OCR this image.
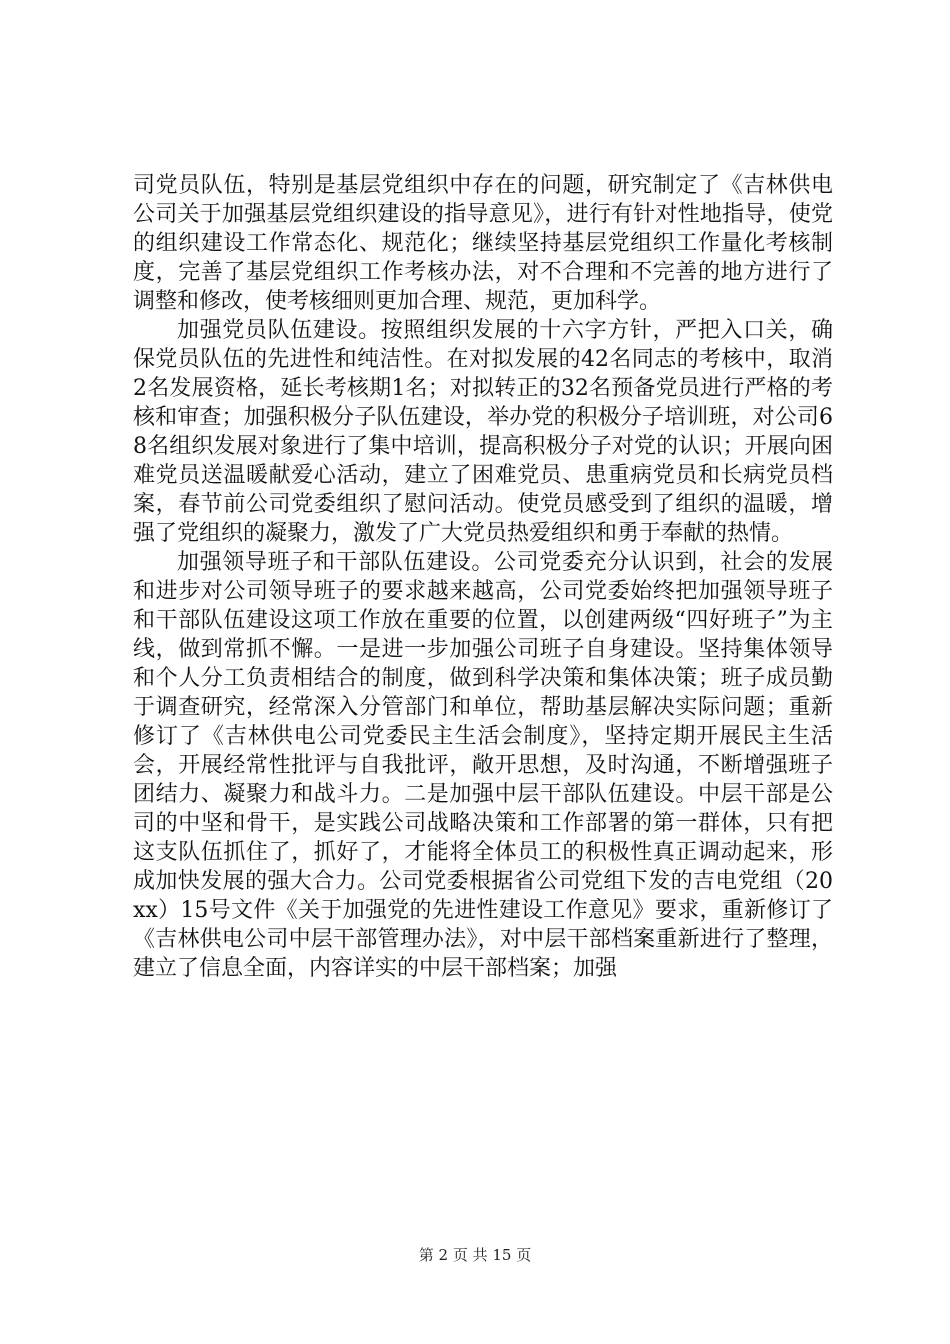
司党员队伍，特别是基层党组织中存在的问题，研究制定了《吉林供电公司关于加强基层党组织建设的指导意见》，进行有针对性地指导，使党的组织建设工作常态化、规范化；继续坚持基层党组织工作量化考核制度，完善了基层党组织工作考核办法，对不合理和不完善的地方进行了调整和修改，使考核细则更加合理、规范，更加科学。

加强党员队伍建设。按照组织发展的十六字方针，严把入口关，确保党员队伍的先进性和纯洁性。在对拟发展的42名同志的考核中，取消2名发展资格，延长考核期1名；对拟转正的32名预备党员进行严格的考核和审查；加强积极分子队伍建设，举办党的积极分子培训班，对公司68名组织发展对象进行了集中培训，提高积极分子对党的认识；开展向困难党员送温暖献爱心活动，建立了困难党员、患重病党员和长病党员档案，春节前公司党委组织了慰问活动。使党员感受到了组织的温暖，增强了党组织的凝聚力，激发了广大党员热爱组织和勇于奉献的热情。

加强领导班子和干部队伍建设。公司党委充分认识到，社会的发展和进步对公司领导班子的要求越来越高，公司党委始终把加强领导班子和干部队伍建设这项工作放在重要的位置，以创建两级“四好班子”为主线，做到常抓不懈。一是进一步加强公司班子自身建设。坚持集体领导和个人分工负责相结合的制度，做到科学决策和集体决策；班子成员勤于调查研究，经常深入分管部门和单位，帮助基层解决实际问题；重新修订了《吉林供电公司党委民主生活会制度》，坚持定期开展民主生活会，开展经常性批评与自我批评，敞开思想，及时沟通，不断增强班子团结力、凝聚力和战斗力。二是加强中层干部队伍建设。中层干部是公司的中坚和骨干，是实践公司战略决策和工作部署的第一群体，只有把这支队伍抓住了，抓好了，才能将全体员工的积极性真正调动起来，形成加快发展的强大合力。公司党委根据省公司党组下发的吉电党组（20xx）15号文件《关于加强党的先进性建设工作意见》要求，重新修订了《吉林供电公司中层干部管理办法》，对中层干部档案重新进行了整理，建立了信息全面，内容详实的中层干部档案；加强

第 2 页 共 15 页
